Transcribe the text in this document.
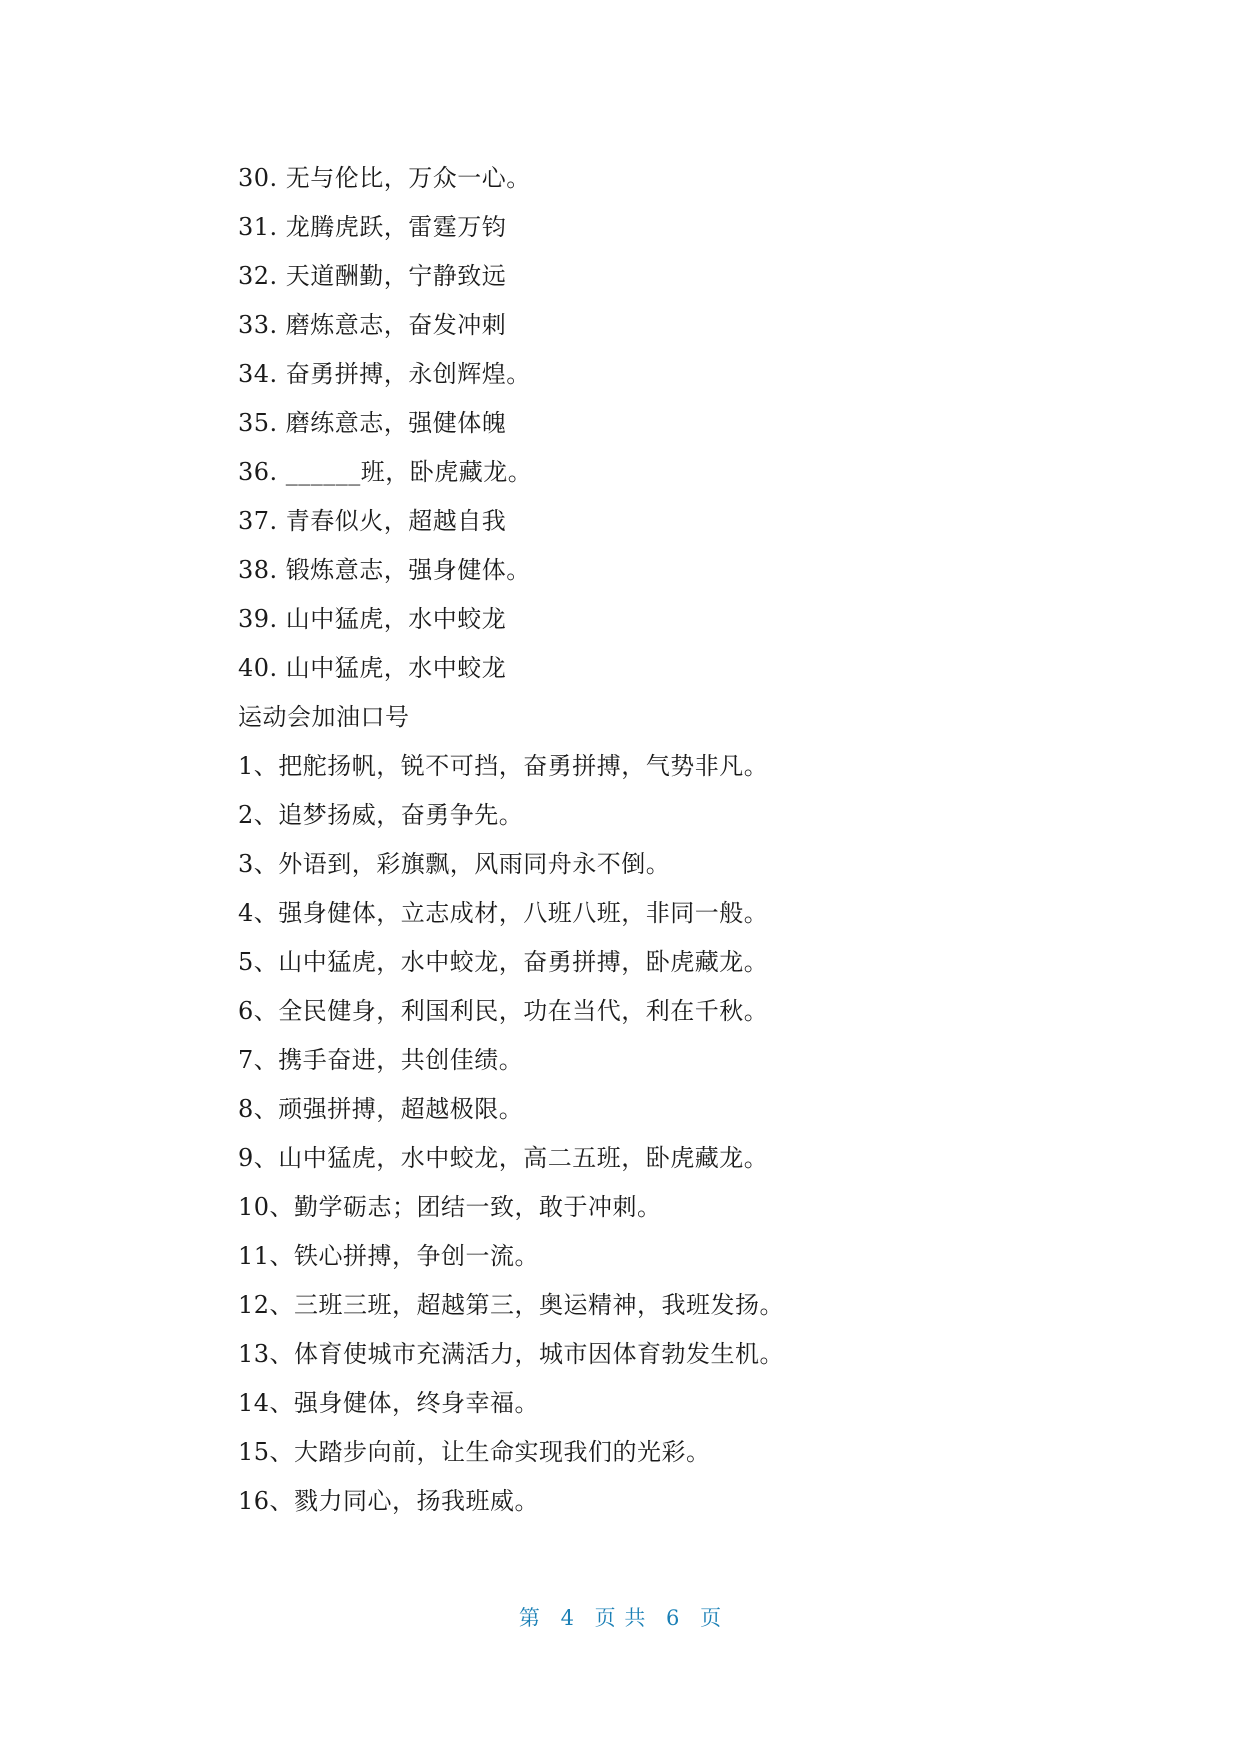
30. 无与伦比，万众一心。
31. 龙腾虎跃，雷霆万钧
32. 天道酬勤，宁静致远
33. 磨炼意志，奋发冲刺
34. 奋勇拼搏，永创辉煌。
35. 磨练意志，强健体魄
36. ______班，卧虎藏龙。
37. 青春似火，超越自我
38. 锻炼意志，强身健体。
39. 山中猛虎，水中蛟龙
40. 山中猛虎，水中蛟龙
运动会加油口号
1、把舵扬帆，锐不可挡，奋勇拼搏，气势非凡。
2、追梦扬威，奋勇争先。
3、外语到，彩旗飘，风雨同舟永不倒。
4、强身健体，立志成材，八班八班，非同一般。
5、山中猛虎，水中蛟龙，奋勇拼搏，卧虎藏龙。
6、全民健身，利国利民，功在当代，利在千秋。
7、携手奋进，共创佳绩。
8、顽强拼搏，超越极限。
9、山中猛虎，水中蛟龙，高二五班，卧虎藏龙。
10、勤学砺志；团结一致，敢于冲刺。
11、铁心拼搏，争创一流。
12、三班三班，超越第三，奥运精神，我班发扬。
13、体育使城市充满活力，城市因体育勃发生机。
14、强身健体，终身幸福。
15、大踏步向前，让生命实现我们的光彩。
16、戮力同心，扬我班威。
第 4 页 共 6 页
